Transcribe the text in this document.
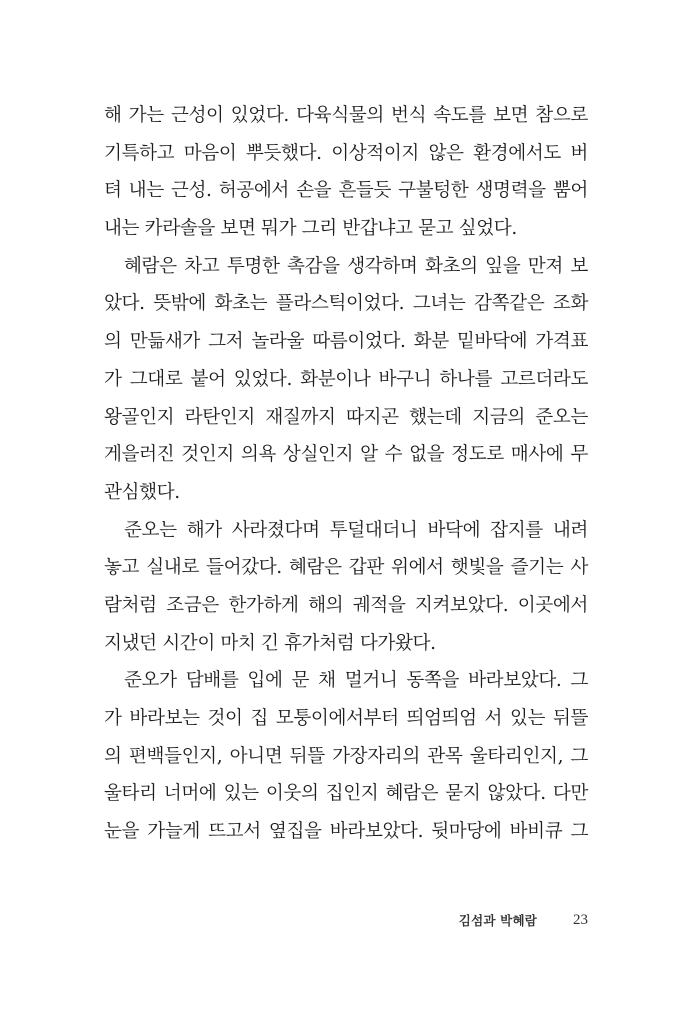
해 가는 근성이 있었다. 다육식물의 번식 속도를 보면 참으로
기특하고 마음이 뿌듯했다. 이상적이지 않은 환경에서도 버
텨 내는 근성. 허공에서 손을 흔들듯 구불텅한 생명력을 뿜어
내는 카라솔을 보면 뭐가 그리 반갑냐고 묻고 싶었다.
혜람은 차고 투명한 촉감을 생각하며 화초의 잎을 만져 보
았다. 뜻밖에 화초는 플라스틱이었다. 그녀는 감쪽같은 조화
의 만듦새가 그저 놀라울 따름이었다. 화분 밑바닥에 가격표
가 그대로 붙어 있었다. 화분이나 바구니 하나를 고르더라도
왕골인지 라탄인지 재질까지 따지곤 했는데 지금의 준오는
게을러진 것인지 의욕 상실인지 알 수 없을 정도로 매사에 무
관심했다.
준오는 해가 사라졌다며 투덜대더니 바닥에 잡지를 내려
놓고 실내로 들어갔다. 혜람은 갑판 위에서 햇빛을 즐기는 사
람처럼 조금은 한가하게 해의 궤적을 지켜보았다. 이곳에서
지냈던 시간이 마치 긴 휴가처럼 다가왔다.
준오가 담배를 입에 문 채 멀거니 동쪽을 바라보았다. 그
가 바라보는 것이 집 모퉁이에서부터 띄엄띄엄 서 있는 뒤뜰
의 편백들인지, 아니면 뒤뜰 가장자리의 관목 울타리인지, 그
울타리 너머에 있는 이웃의 집인지 혜람은 묻지 않았다. 다만
눈을 가늘게 뜨고서 옆집을 바라보았다. 뒷마당에 바비큐 그
김섬과 박혜람 23
